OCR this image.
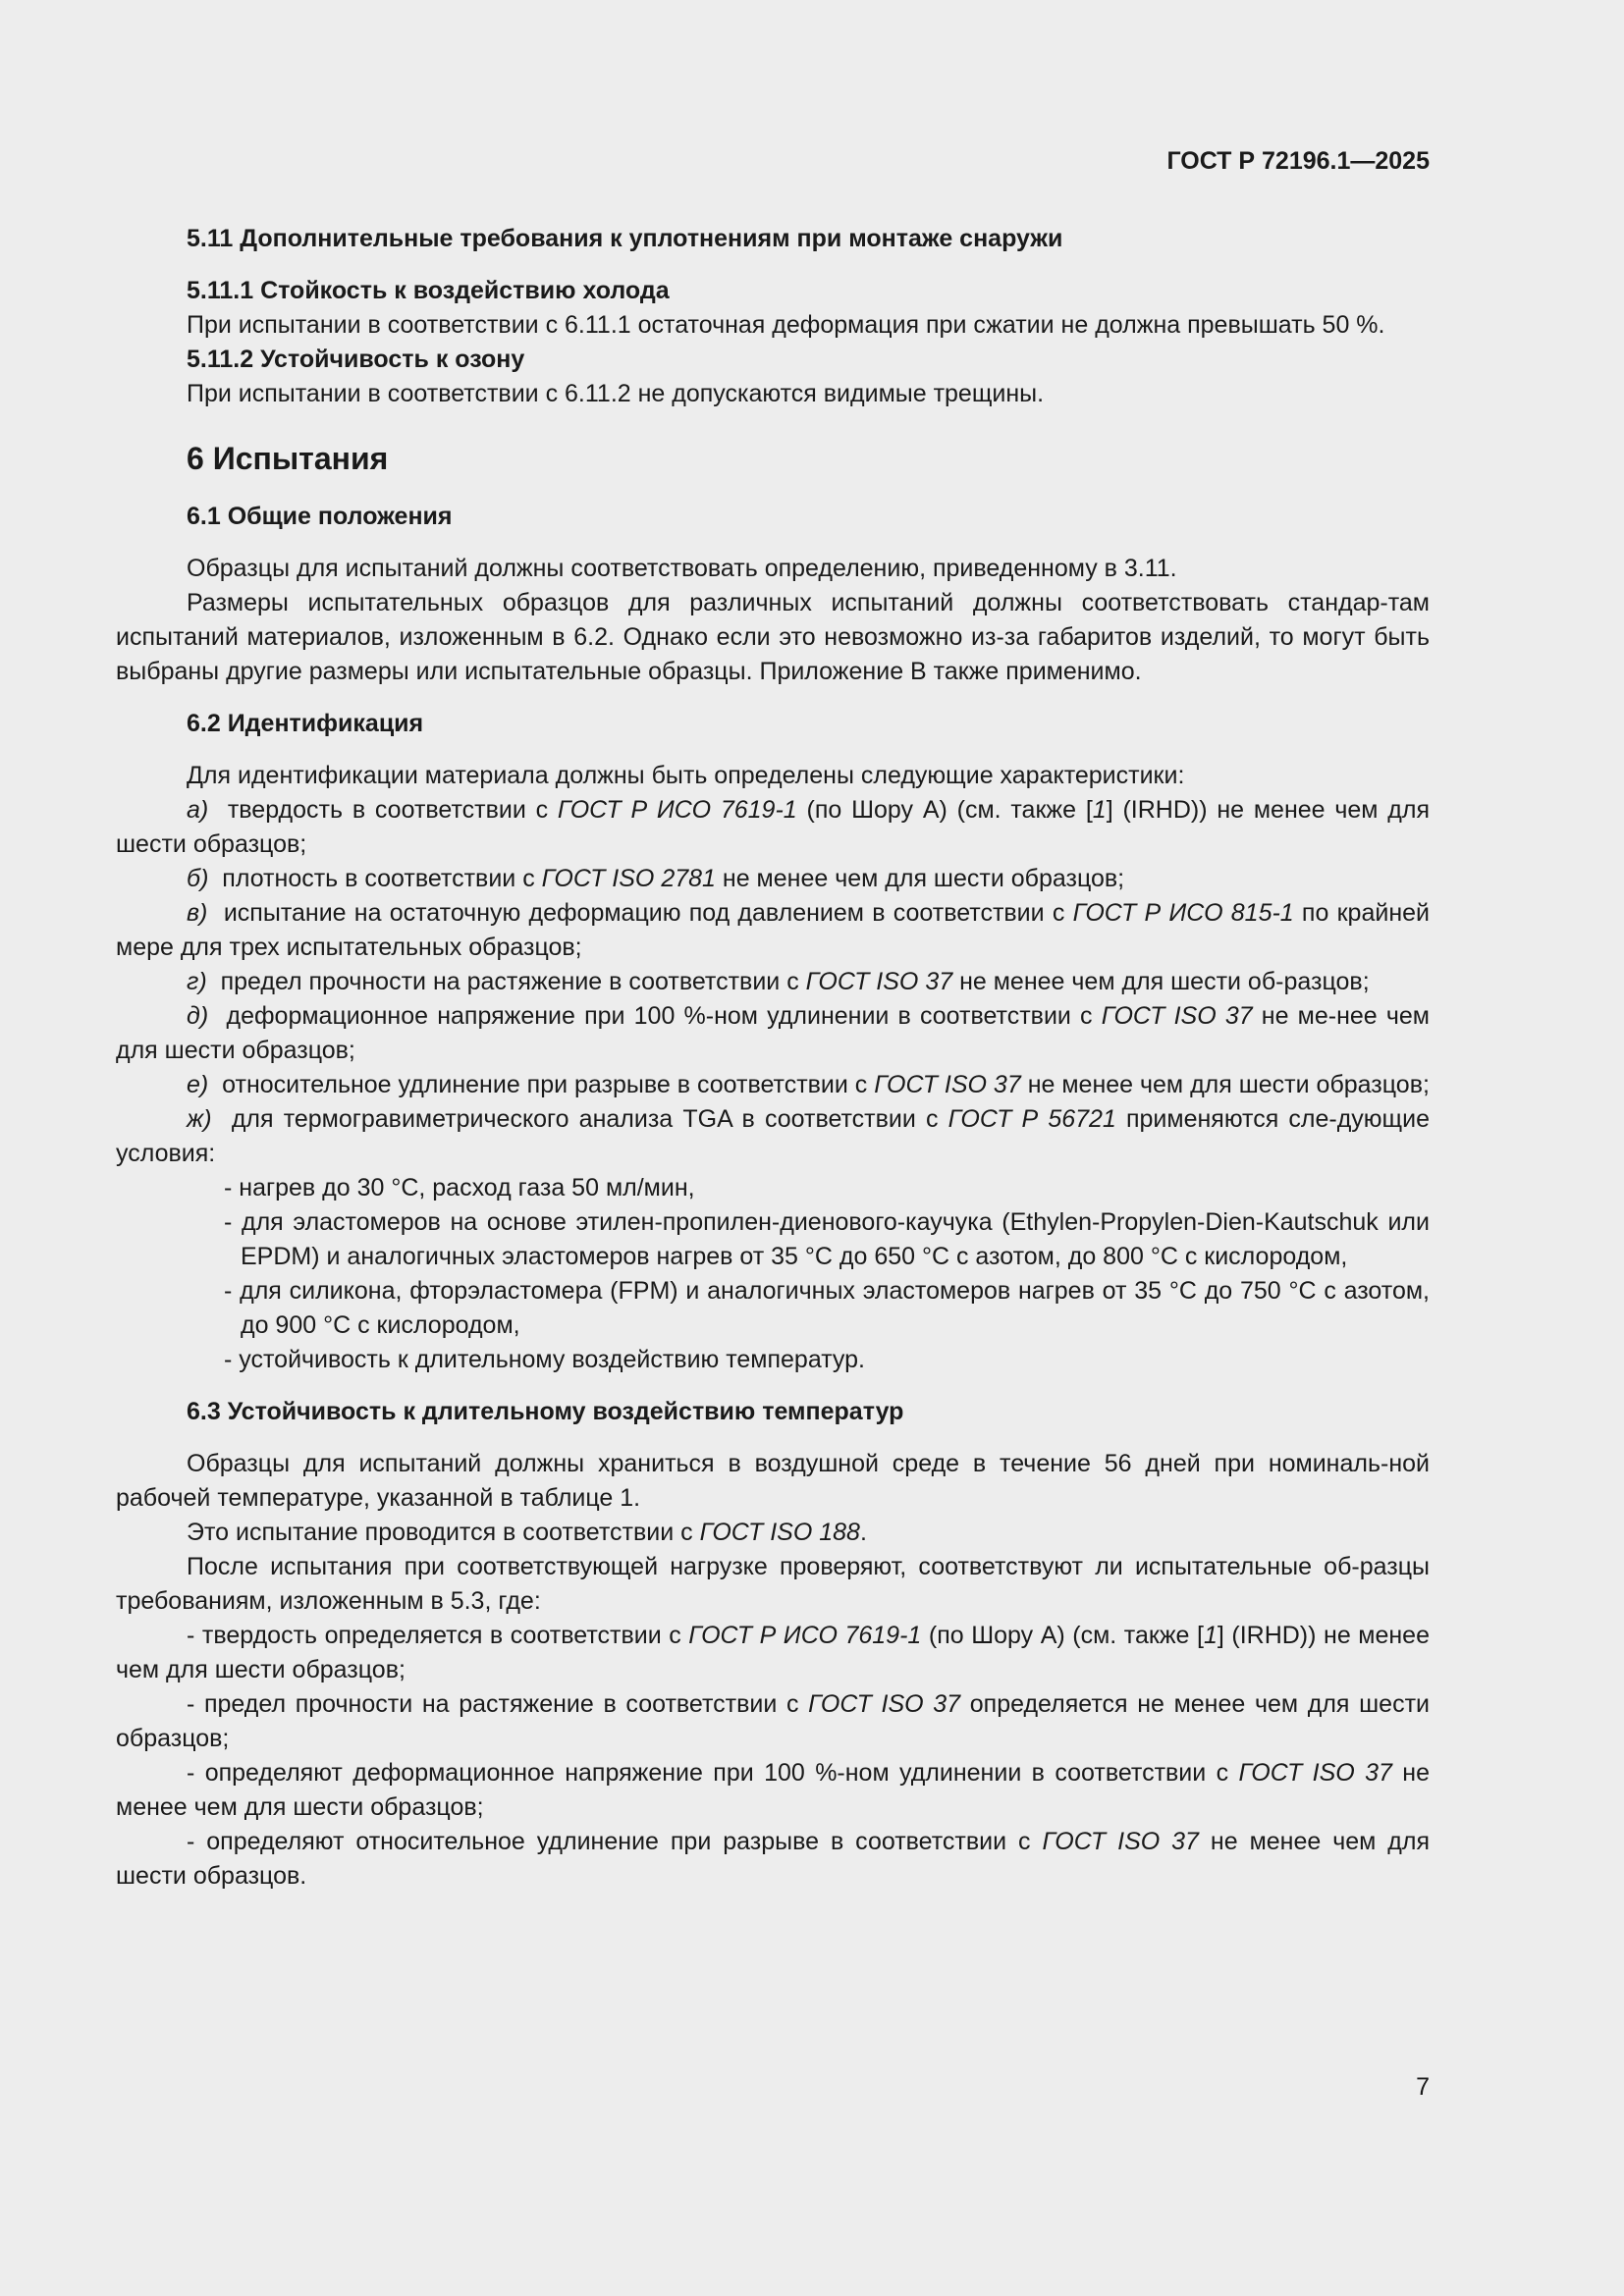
ГОСТ Р 72196.1—2025

5.11 Дополнительные требования к уплотнениям при монтаже снаружи

5.11.1 Стойкость к воздействию холода

При испытании в соответствии с 6.11.1 остаточная деформация при сжатии не должна превышать 50 %.

5.11.2 Устойчивость к озону

При испытании в соответствии с 6.11.2 не допускаются видимые трещины.

6 Испытания

6.1 Общие положения

Образцы для испытаний должны соответствовать определению, приведенному в 3.11.

Размеры испытательных образцов для различных испытаний должны соответствовать стандар-там испытаний материалов, изложенным в 6.2. Однако если это невозможно из-за габаритов изделий, то могут быть выбраны другие размеры или испытательные образцы. Приложение В также применимо.

6.2 Идентификация

Для идентификации материала должны быть определены следующие характеристики:

а) твердость в соответствии с ГОСТ Р ИСО 7619-1 (по Шору А) (см. также [1] (IRHD)) не менее чем для шести образцов;

б) плотность в соответствии с ГОСТ ISO 2781 не менее чем для шести образцов;

в) испытание на остаточную деформацию под давлением в соответствии с ГОСТ Р ИСО 815-1 по крайней мере для трех испытательных образцов;

г) предел прочности на растяжение в соответствии с ГОСТ ISO 37 не менее чем для шести об-разцов;

д) деформационное напряжение при 100 %-ном удлинении в соответствии с ГОСТ ISO 37 не ме-нее чем для шести образцов;

е) относительное удлинение при разрыве в соответствии с ГОСТ ISO 37 не менее чем для шести образцов;

ж) для термогравиметрического анализа TGA в соответствии с ГОСТ Р 56721 применяются сле-дующие условия:

- нагрев до 30 °С, расход газа 50 мл/мин,

- для эластомеров на основе этилен-пропилен-диенового-каучука (Ethylen-Propylen-Dien-Kautschuk или EPDM) и аналогичных эластомеров нагрев от 35 °С до 650 °С с азотом, до 800 °С с кислородом,

- для силикона, фторэластомера (FPM) и аналогичных эластомеров нагрев от 35 °С до 750 °С с азотом, до 900 °С с кислородом,

- устойчивость к длительному воздействию температур.

6.3 Устойчивость к длительному воздействию температур

Образцы для испытаний должны храниться в воздушной среде в течение 56 дней при номиналь-ной рабочей температуре, указанной в таблице 1.

Это испытание проводится в соответствии с ГОСТ ISO 188.

После испытания при соответствующей нагрузке проверяют, соответствуют ли испытательные об-разцы требованиям, изложенным в 5.3, где:

- твердость определяется в соответствии с ГОСТ Р ИСО 7619-1 (по Шору А) (см. также [1] (IRHD)) не менее чем для шести образцов;

- предел прочности на растяжение в соответствии с ГОСТ ISO 37 определяется не менее чем для шести образцов;

- определяют деформационное напряжение при 100 %-ном удлинении в соответствии с ГОСТ ISO 37 не менее чем для шести образцов;

- определяют относительное удлинение при разрыве в соответствии с ГОСТ ISO 37 не менее чем для шести образцов.

7
